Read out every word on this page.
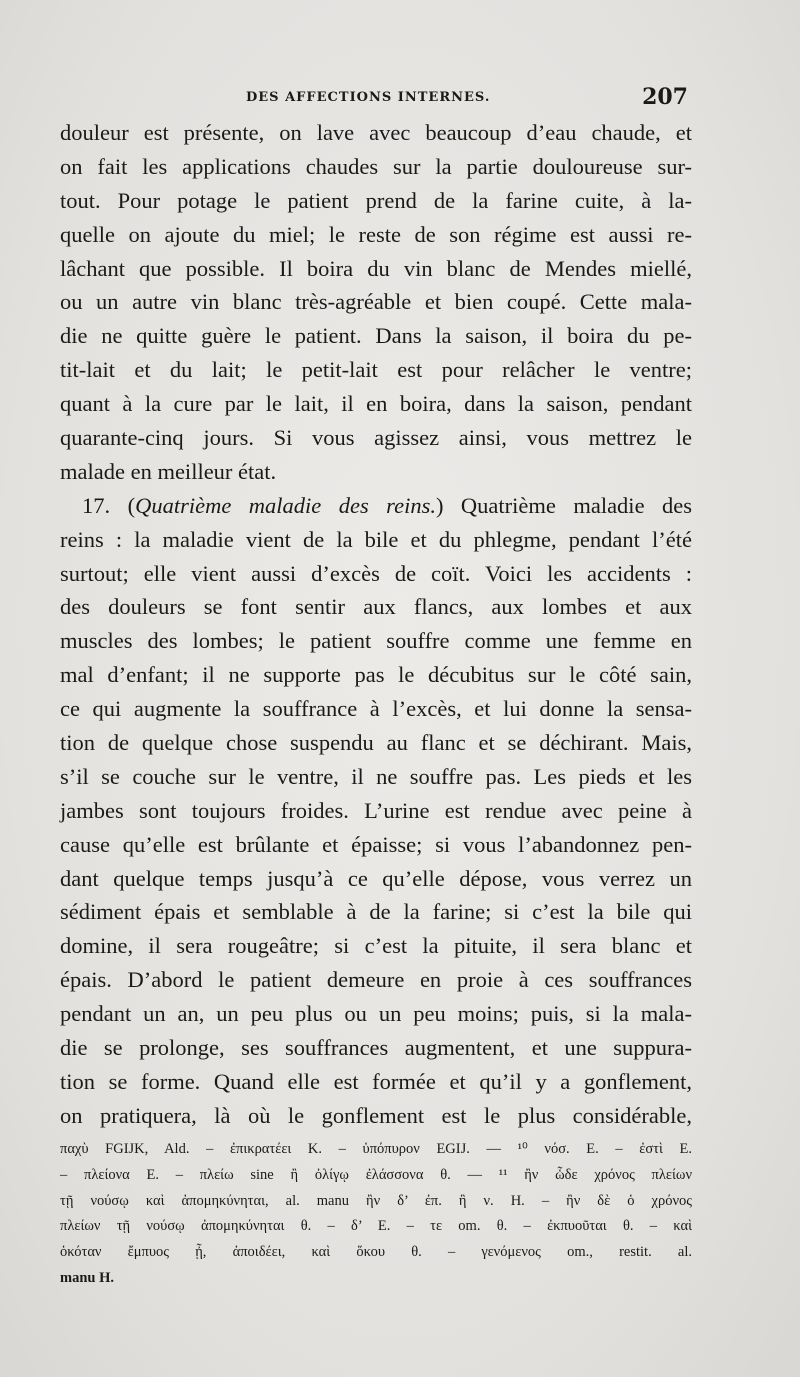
DES AFFECTIONS INTERNES.	207
douleur est présente, on lave avec beaucoup d’eau chaude, et
on fait les applications chaudes sur la partie douloureuse sur-
tout. Pour potage le patient prend de la farine cuite, à la-
quelle on ajoute du miel; le reste de son régime est aussi re-
lâchant que possible. Il boira du vin blanc de Mendes miellé,
ou un autre vin blanc très-agréable et bien coupé. Cette mala-
die ne quitte guère le patient. Dans la saison, il boira du pe-
tit-lait et du lait; le petit-lait est pour relâcher le ventre;
quant à la cure par le lait, il en boira, dans la saison, pendant
quarante-cinq jours. Si vous agissez ainsi, vous mettrez le
malade en meilleur état.
17. (Quatrième maladie des reins.) Quatrième maladie des
reins : la maladie vient de la bile et du phlegme, pendant l’été
surtout; elle vient aussi d’excès de coït. Voici les accidents :
des douleurs se font sentir aux flancs, aux lombes et aux
muscles des lombes; le patient souffre comme une femme en
mal d’enfant; il ne supporte pas le décubitus sur le côté sain,
ce qui augmente la souffrance à l’excès, et lui donne la sensa-
tion de quelque chose suspendu au flanc et se déchirant. Mais,
s’il se couche sur le ventre, il ne souffre pas. Les pieds et les
jambes sont toujours froides. L’urine est rendue avec peine à
cause qu’elle est brûlante et épaisse; si vous l’abandonnez pen-
dant quelque temps jusqu’à ce qu’elle dépose, vous verrez un
sédiment épais et semblable à de la farine; si c’est la bile qui
domine, il sera rougeâtre; si c’est la pituite, il sera blanc et
épais. D’abord le patient demeure en proie à ces souffrances
pendant un an, un peu plus ou un peu moins; puis, si la mala-
die se prolonge, ses souffrances augmentent, et une suppura-
tion se forme. Quand elle est formée et qu’il y a gonflement,
on pratiquera, là où le gonflement est le plus considérable,
παχὺ FGIJK, Ald. – ἐπικρατέει K. – ὑπόπυρον EGIJ. — ¹⁰ νόσ. E. – ἐστὶ E.
– πλείονα E. – πλείω sine ἢ ὀλίγῳ ἐλάσσονα θ. — ¹¹ ἢν ὧδε χρόνος πλείων
τῇ νούσῳ καὶ ἀπομηκύνηται, al. manu ἢν δ’ ἐπ. ἢ ν. H. – ἢν δὲ ὁ χρόνος
πλείων τῇ νούσῳ ἀπομηκύνηται θ. – δ’ E. – τε om. θ. – ἐκπυοῦται θ. – καὶ
ὁκόταν ἔμπυος ᾖ, ἀποιδέει, καὶ ὅκου θ. – γενόμενος om., restit. al.
manu H.
